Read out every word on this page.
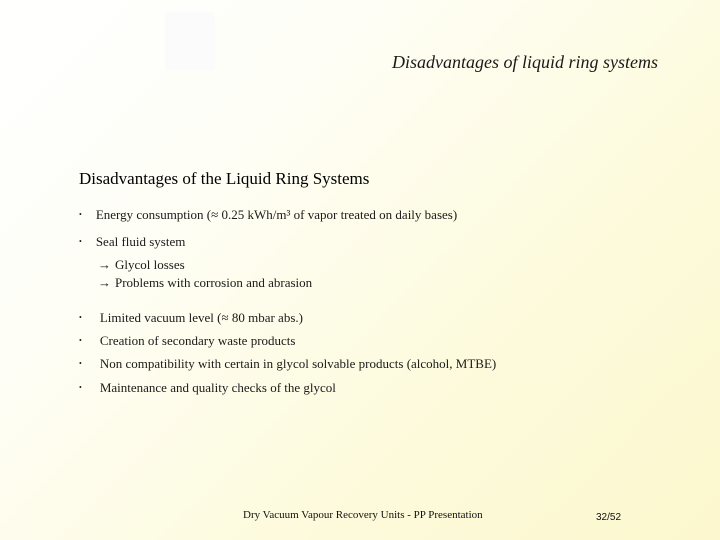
Disadvantages of liquid ring systems
Disadvantages of the Liquid Ring Systems
• Energy consumption (≈ 0.25 kWh/m³ of vapor treated on daily bases)
• Seal fluid system
→ Glycol losses
→ Problems with corrosion and abrasion
• Limited vacuum level (≈ 80 mbar abs.)
• Creation of secondary waste products
• Non compatibility with certain in glycol solvable products (alcohol, MTBE)
• Maintenance and quality checks of the glycol
Dry Vacuum Vapour Recovery Units - PP Presentation	32/52
